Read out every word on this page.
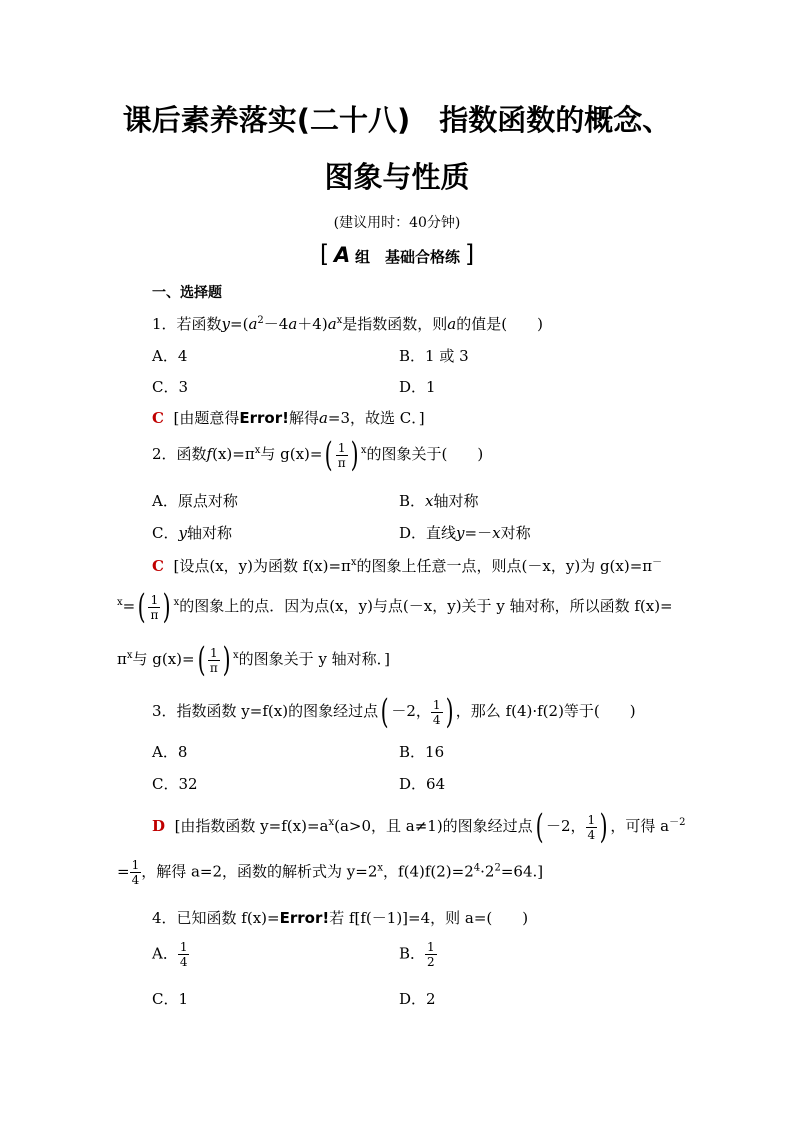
课后素养落实(二十八)　指数函数的概念、
图象与性质
(建议用时：40分钟)
[ A 组　基础合格练 ]
一、选择题
1．若函数$y=(a^2-4a+4)a^x$是指数函数，则a的值是(　　)
A．4	B．1 或 3
C．3	D．1
C [由题意得Error!解得a=3，故选 C．]
2．函数$f(x)=\pi^x$与 $g(x)=( \frac{1}{\pi}$ ) $^x$的图象关于(　　)
A．原点对称	B．x轴对称
C．y轴对称	D．直线y=－x对称
C [设点(x，y)为函数 $f(x)=\pi^x$的图象上任意一点，则点(－x，y)为 g(x)=π－
$^x=( \frac{1}{\pi}$ ) $^x$的图象上的点．因为点(x，y)与点(－x，y)关于 y 轴对称，所以函数 f(x)=
$\pi^x$与 $g(x)=( \frac{1}{\pi}$ ) $^x$的图象关于 y 轴对称．]
3．指数函数 y=f(x)的图象经过点( －2， $\frac{1}{4}$ ) ，那么 f(4)·f(2)等于(　　)
A．8	B．16
C．32	D．64
D [由指数函数 $y=f(x)=a^x(a>0$，且 a≠1)的图象经过点( －2， $\frac{1}{4}$ ) ，可得 $a^{-2}$
= $\frac{1}{4}$ ，解得 a=2，函数的解析式为 $y=2^x$，$f(4)f(2)=2^4\cdot 2^2=64$.]
4．已知函数 f(x)=Error!若 f[f(－1)]=4，则 a=(　　)
A． $\frac{1}{4}$	B． $\frac{1}{2}$
C．1	D．2
